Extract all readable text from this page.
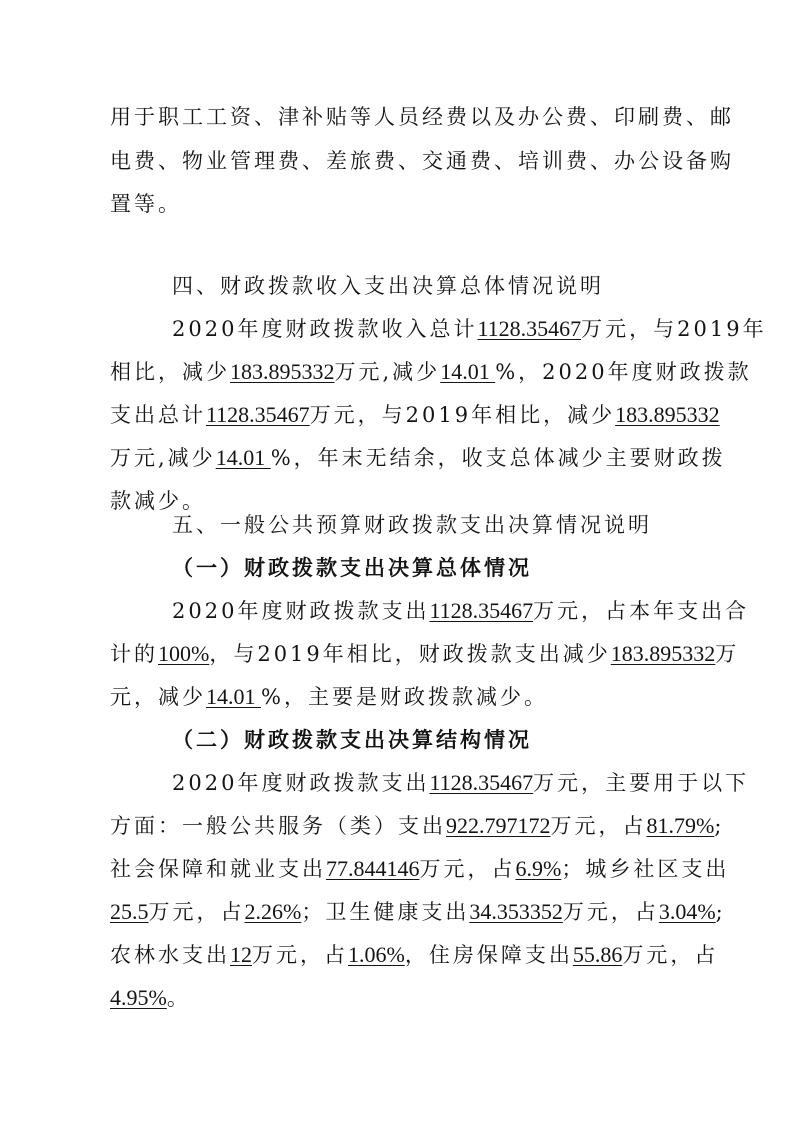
用于职工工资、津补贴等人员经费以及办公费、印刷费、邮
电费、物业管理费、差旅费、交通费、培训费、办公设备购
置等。
四、财政拨款收入支出决算总体情况说明
2020年度财政拨款收入总计1128.35467万元，与2019年
相比，减少183.895332万元,减少14.01 %，2020年度财政拨款
支出总计1128.35467万元，与2019年相比，减少183.895332
万元,减少14.01 %，年末无结余，收支总体减少主要财政拨
款减少。
五、一般公共预算财政拨款支出决算情况说明
（一）财政拨款支出决算总体情况
2020年度财政拨款支出1128.35467万元，占本年支出合
计的100%，与2019年相比，财政拨款支出减少183.895332万
元，减少14.01 %，主要是财政拨款减少。
（二）财政拨款支出决算结构情况
2020年度财政拨款支出1128.35467万元，主要用于以下
方面：一般公共服务（类）支出922.797172万元，占81.79%;
社会保障和就业支出77.844146万元，占6.9%；城乡社区支出
25.5万元，占2.26%；卫生健康支出34.353352万元，占3.04%;
农林水支出12万元，占1.06%，住房保障支出55.86万元，占
4.95%。
